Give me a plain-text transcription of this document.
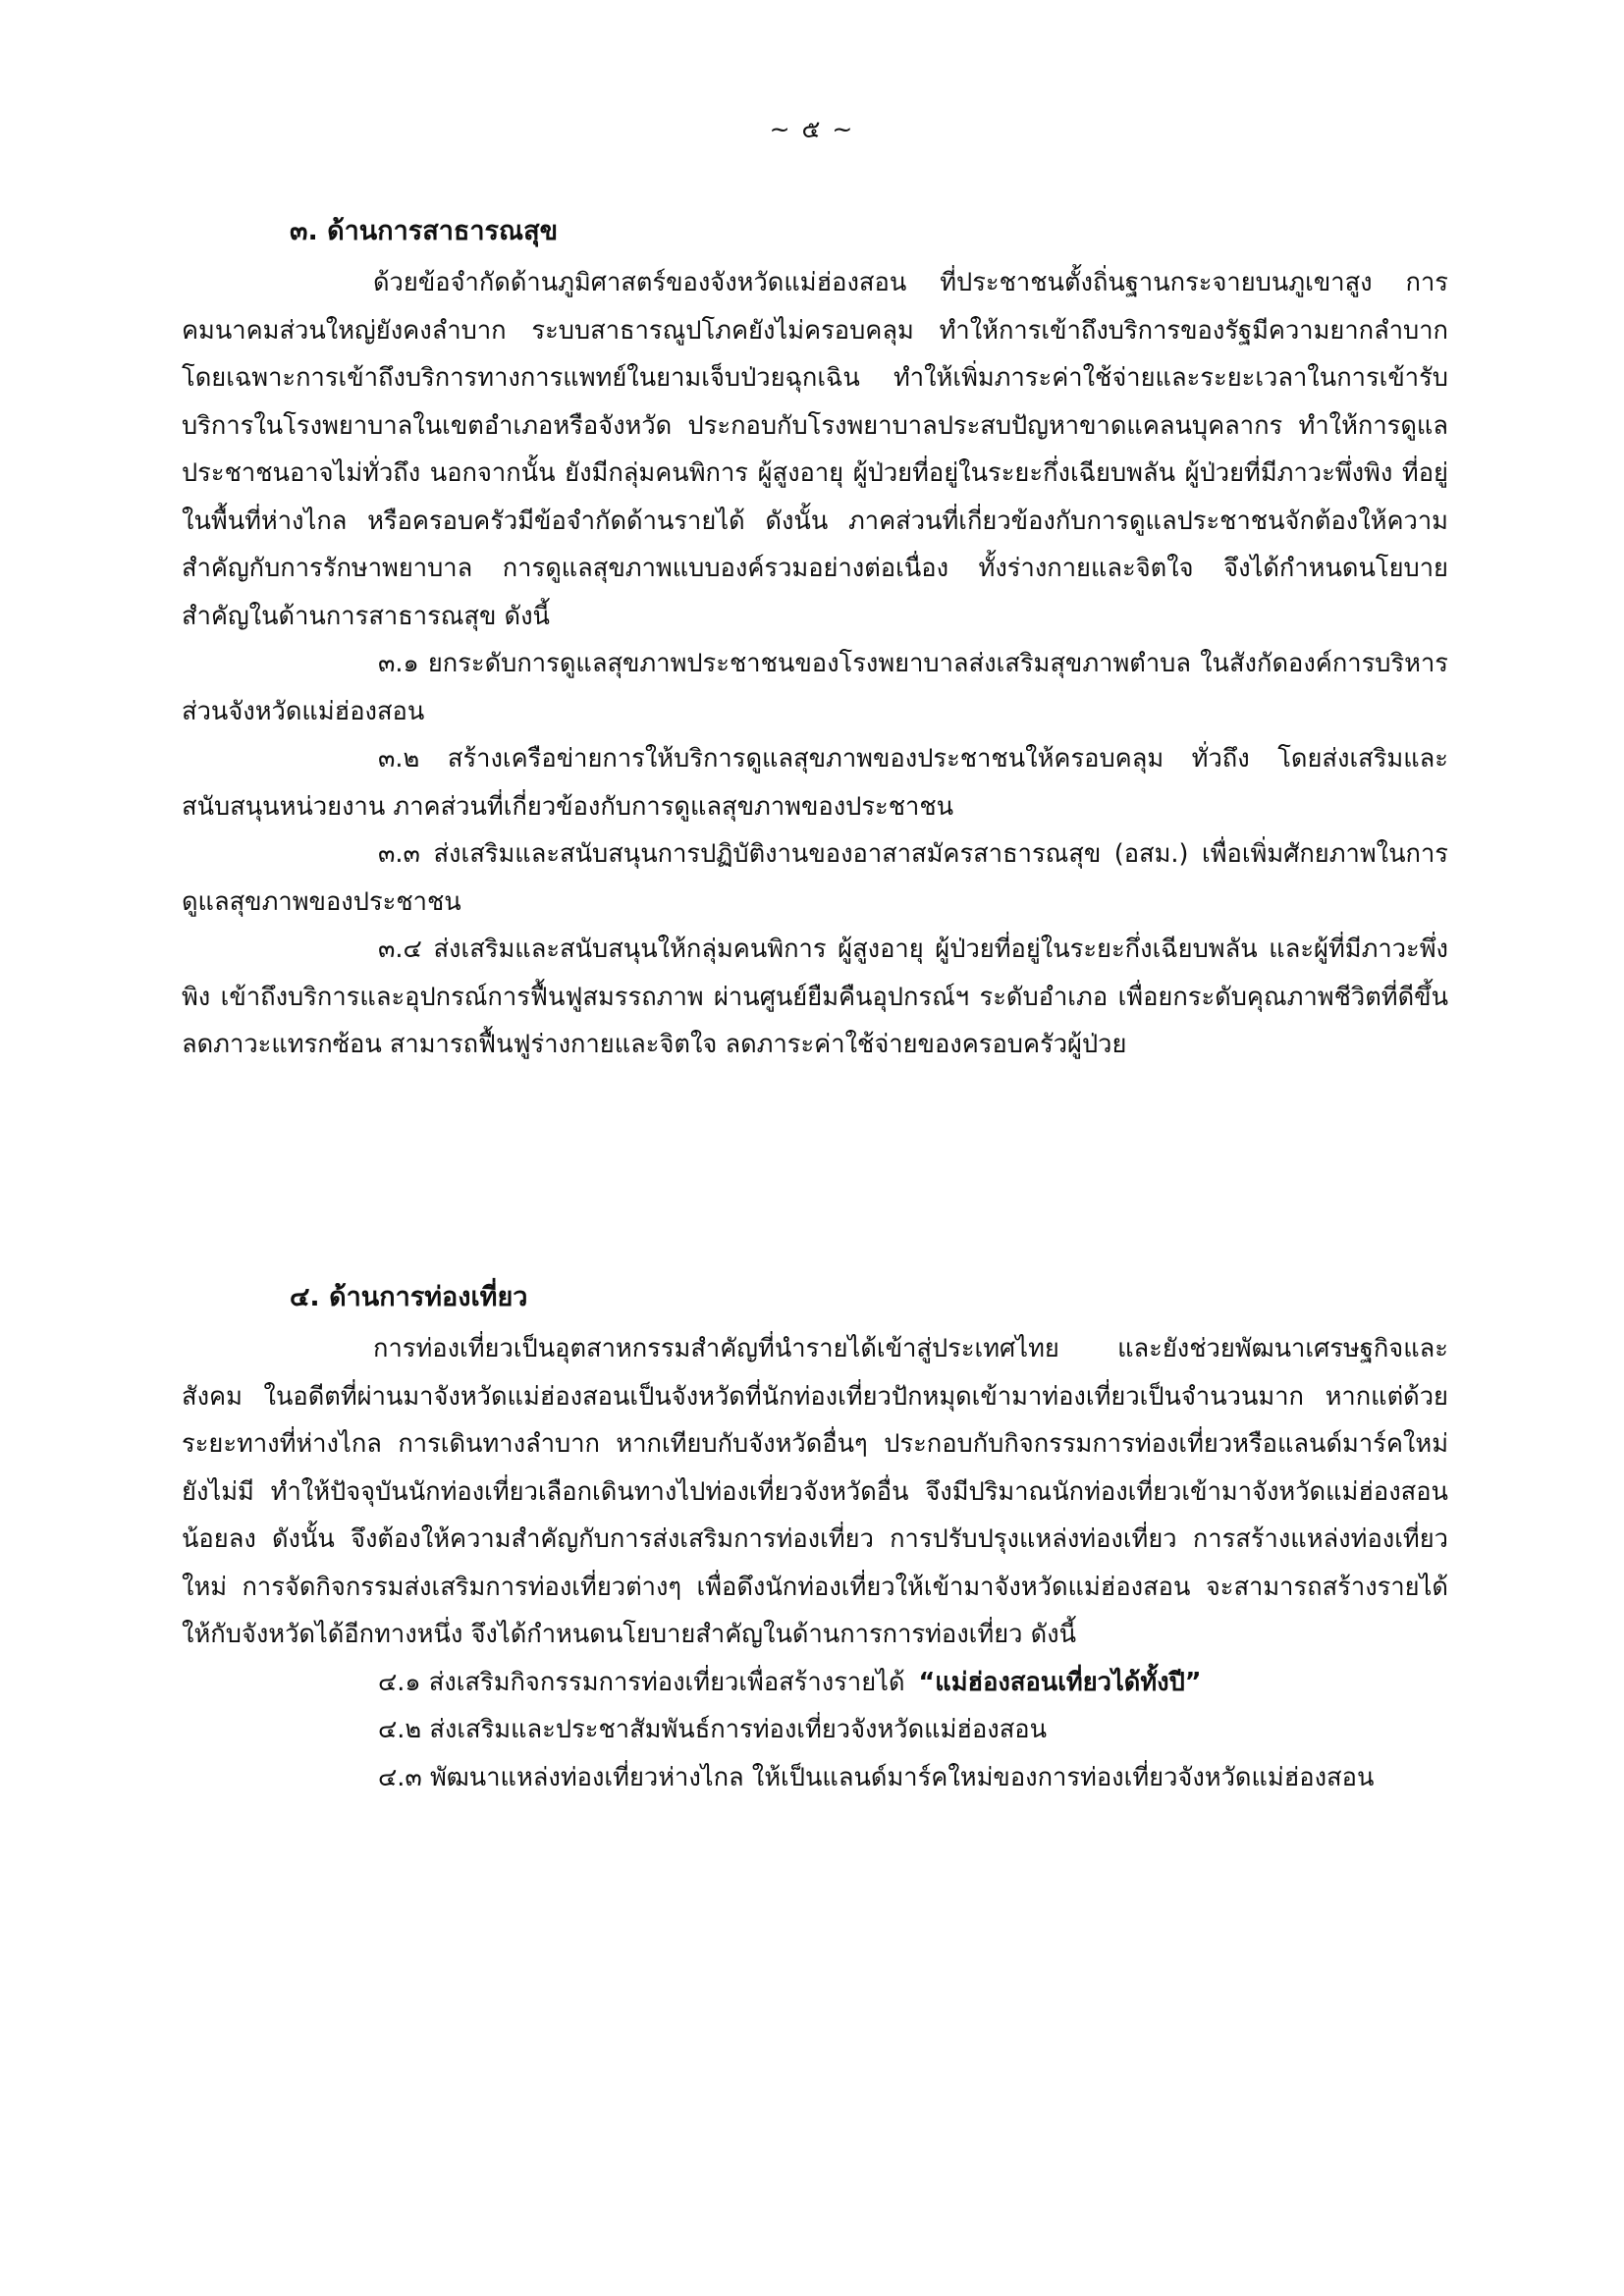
~ ๕ ~
๓. ด้านการสาธารณสุข

ด้วยข้อจำกัดด้านภูมิศาสตร์ของจังหวัดแม่ฮ่องสอน ที่ประชาชนตั้งถิ่นฐานกระจายบนภูเขาสูง การคมนาคมส่วนใหญ่ยังคงลำบาก ระบบสาธารณูปโภคยังไม่ครอบคลุม ทำให้การเข้าถึงบริการของรัฐมีความยากลำบาก โดยเฉพาะการเข้าถึงบริการทางการแพทย์ในยามเจ็บป่วยฉุกเฉิน ทำให้เพิ่มภาระค่าใช้จ่ายและระยะเวลาในการเข้ารับบริการในโรงพยาบาลในเขตอำเภอหรือจังหวัด ประกอบกับโรงพยาบาลประสบปัญหาขาดแคลนบุคลากร ทำให้การดูแลประชาชนอาจไม่ทั่วถึง นอกจากนั้น ยังมีกลุ่มคนพิการ ผู้สูงอายุ ผู้ป่วยที่อยู่ในระยะกึ่งเฉียบพลัน ผู้ป่วยที่มีภาวะพึ่งพิง ที่อยู่ในพื้นที่ห่างไกล หรือครอบครัวมีข้อจำกัดด้านรายได้ ดังนั้น ภาคส่วนที่เกี่ยวข้องกับการดูแลประชาชนจักต้องให้ความสำคัญกับการรักษาพยาบาล การดูแลสุขภาพแบบองค์รวมอย่างต่อเนื่อง ทั้งร่างกายและจิตใจ จึงได้กำหนดนโยบายสำคัญในด้านการสาธารณสุข ดังนี้

๓.๑ ยกระดับการดูแลสุขภาพประชาชนของโรงพยาบาลส่งเสริมสุขภาพตำบล ในสังกัดองค์การบริหารส่วนจังหวัดแม่ฮ่องสอน

๓.๒ สร้างเครือข่ายการให้บริการดูแลสุขภาพของประชาชนให้ครอบคลุม ทั่วถึง โดยส่งเสริมและสนับสนุนหน่วยงาน ภาคส่วนที่เกี่ยวข้องกับการดูแลสุขภาพของประชาชน

๓.๓ ส่งเสริมและสนับสนุนการปฏิบัติงานของอาสาสมัครสาธารณสุข (อสม.) เพื่อเพิ่มศักยภาพในการดูแลสุขภาพของประชาชน

๓.๔ ส่งเสริมและสนับสนุนให้กลุ่มคนพิการ ผู้สูงอายุ ผู้ป่วยที่อยู่ในระยะกึ่งเฉียบพลัน และผู้ที่มีภาวะพึ่งพิง เข้าถึงบริการและอุปกรณ์การฟื้นฟูสมรรถภาพ ผ่านศูนย์ยืมคืนอุปกรณ์ฯ ระดับอำเภอ เพื่อยกระดับคุณภาพชีวิตที่ดีขึ้น ลดภาวะแทรกซ้อน สามารถฟื้นฟูร่างกายและจิตใจ ลดภาระค่าใช้จ่ายของครอบครัวผู้ป่วย

๔. ด้านการท่องเที่ยว

การท่องเที่ยวเป็นอุตสาหกรรมสำคัญที่นำรายได้เข้าสู่ประเทศไทย และยังช่วยพัฒนาเศรษฐกิจและสังคม ในอดีตที่ผ่านมาจังหวัดแม่ฮ่องสอนเป็นจังหวัดที่นักท่องเที่ยวปักหมุดเข้ามาท่องเที่ยวเป็นจำนวนมาก หากแต่ด้วยระยะทางที่ห่างไกล การเดินทางลำบาก หากเทียบกับจังหวัดอื่นๆ ประกอบกับกิจกรรมการท่องเที่ยวหรือแลนด์มาร์คใหม่ยังไม่มี ทำให้ปัจจุบันนักท่องเที่ยวเลือกเดินทางไปท่องเที่ยวจังหวัดอื่น จึงมีปริมาณนักท่องเที่ยวเข้ามาจังหวัดแม่ฮ่องสอนน้อยลง ดังนั้น จึงต้องให้ความสำคัญกับการส่งเสริมการท่องเที่ยว การปรับปรุงแหล่งท่องเที่ยว การสร้างแหล่งท่องเที่ยวใหม่ การจัดกิจกรรมส่งเสริมการท่องเที่ยวต่างๆ เพื่อดึงนักท่องเที่ยวให้เข้ามาจังหวัดแม่ฮ่องสอน จะสามารถสร้างรายได้ให้กับจังหวัดได้อีกทางหนึ่ง จึงได้กำหนดนโยบายสำคัญในด้านการการท่องเที่ยว ดังนี้

๔.๑ ส่งเสริมกิจกรรมการท่องเที่ยวเพื่อสร้างรายได้ “แม่ฮ่องสอนเที่ยวได้ทั้งปี”

๔.๒ ส่งเสริมและประชาสัมพันธ์การท่องเที่ยวจังหวัดแม่ฮ่องสอน

๔.๓ พัฒนาแหล่งท่องเที่ยวห่างไกล ให้เป็นแลนด์มาร์คใหม่ของการท่องเที่ยวจังหวัดแม่ฮ่องสอน
